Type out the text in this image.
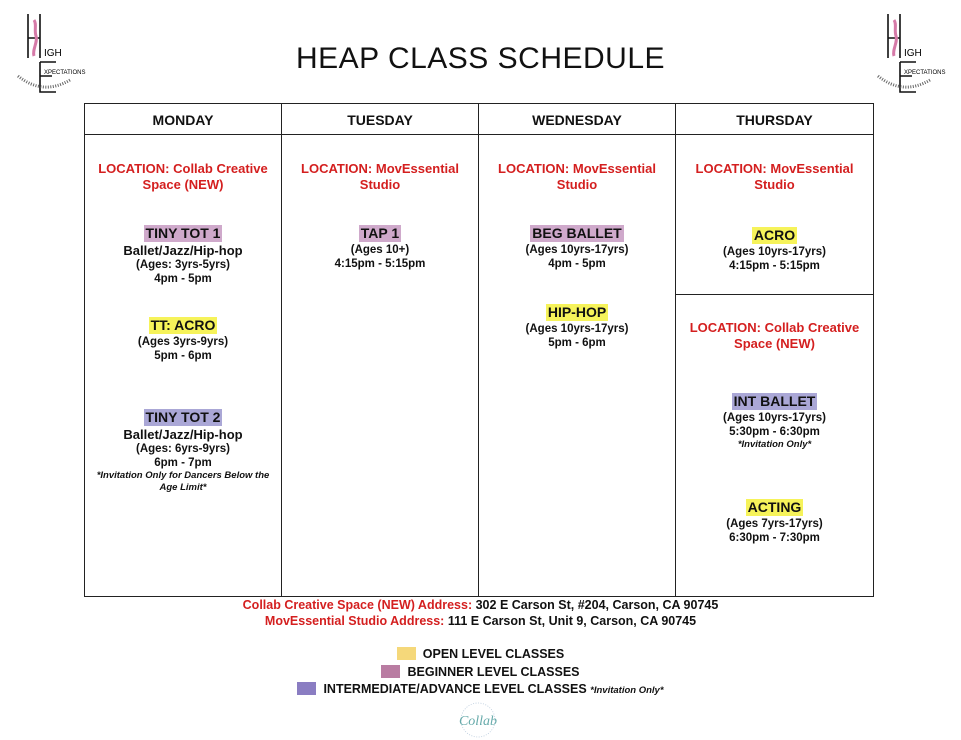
IGH
XPECTATIONS
IGH
XPECTATIONS
HEAP CLASS SCHEDULE
MONDAY
LOCATION: Collab Creative Space (NEW)
TINY TOT 1
Ballet/Jazz/Hip-hop
(Ages: 3yrs-5yrs)
4pm - 5pm
TT: ACRO
(Ages 3yrs-9yrs)
5pm - 6pm
TINY TOT 2
Ballet/Jazz/Hip-hop
(Ages: 6yrs-9yrs)
6pm - 7pm
*Invitation Only for Dancers Below the Age Limit*
TUESDAY
LOCATION: MovEssential Studio
TAP 1
(Ages 10+)
4:15pm - 5:15pm
WEDNESDAY
LOCATION: MovEssential Studio
BEG BALLET
(Ages 10yrs-17yrs)
4pm - 5pm
HIP-HOP
(Ages 10yrs-17yrs)
5pm - 6pm
THURSDAY
LOCATION: MovEssential Studio
ACRO
(Ages 10yrs-17yrs)
4:15pm - 5:15pm
LOCATION: Collab Creative Space (NEW)
INT BALLET
(Ages 10yrs-17yrs)
5:30pm - 6:30pm
*Invitation Only*
ACTING
(Ages 7yrs-17yrs)
6:30pm - 7:30pm
Collab Creative Space (NEW) Address: 302 E Carson St, #204, Carson, CA 90745
MovEssential Studio Address: 111 E Carson St, Unit 9, Carson, CA 90745
OPEN LEVEL CLASSES
BEGINNER LEVEL CLASSES
INTERMEDIATE/ADVANCE LEVEL CLASSES *Invitation Only*
Collab
